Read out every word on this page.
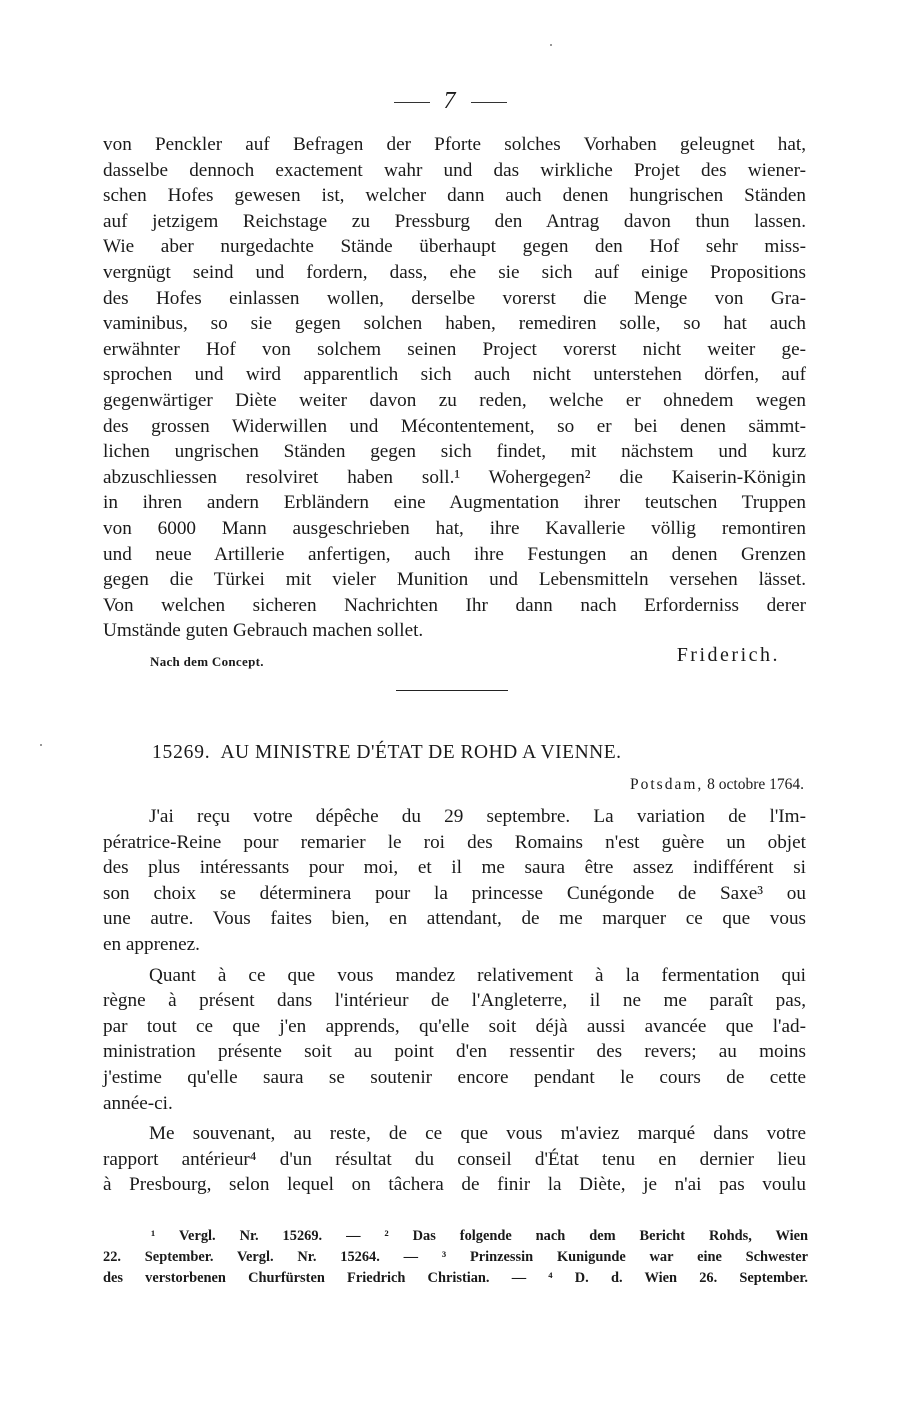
7
von Penckler auf Befragen der Pforte solches Vorhaben geleugnet hat,
dasselbe dennoch exactement wahr und das wirkliche Projet des wiener-
schen Hofes gewesen ist, welcher dann auch denen hungrischen Ständen
auf jetzigem Reichstage zu Pressburg den Antrag davon thun lassen.
Wie aber nurgedachte Stände überhaupt gegen den Hof sehr miss-
vergnügt seind und fordern, dass, ehe sie sich auf einige Propositions
des Hofes einlassen wollen, derselbe vorerst die Menge von Gra-
vaminibus, so sie gegen solchen haben, remediren solle, so hat auch
erwähnter Hof von solchem seinen Project vorerst nicht weiter ge-
sprochen und wird apparentlich sich auch nicht unterstehen dörfen, auf
gegenwärtiger Diète weiter davon zu reden, welche er ohnedem wegen
des grossen Widerwillen und Mécontentement, so er bei denen sämmt-
lichen ungrischen Ständen gegen sich findet, mit nächstem und kurz
abzuschliessen resolviret haben soll.¹ Wohergegen² die Kaiserin-Königin
in ihren andern Erbländern eine Augmentation ihrer teutschen Truppen
von 6000 Mann ausgeschrieben hat, ihre Kavallerie völlig remontiren
und neue Artillerie anfertigen, auch ihre Festungen an denen Grenzen
gegen die Türkei mit vieler Munition und Lebensmitteln versehen lässet.
Von welchen sicheren Nachrichten Ihr dann nach Erforderniss derer
Umstände guten Gebrauch machen sollet.
Nach dem Concept.	Friderich.
15269. AU MINISTRE D'ÉTAT DE ROHD A VIENNE.
Potsdam, 8 octobre 1764.
J'ai reçu votre dépêche du 29 septembre. La variation de l'Im-
pératrice-Reine pour remarier le roi des Romains n'est guère un objet
des plus intéressants pour moi, et il me saura être assez indifférent si
son choix se déterminera pour la princesse Cunégonde de Saxe³ ou
une autre. Vous faites bien, en attendant, de me marquer ce que vous
en apprenez.
Quant à ce que vous mandez relativement à la fermentation qui
règne à présent dans l'intérieur de l'Angleterre, il ne me paraît pas,
par tout ce que j'en apprends, qu'elle soit déjà aussi avancée que l'ad-
ministration présente soit au point d'en ressentir des revers; au moins
j'estime qu'elle saura se soutenir encore pendant le cours de cette
année-ci.
Me souvenant, au reste, de ce que vous m'aviez marqué dans votre
rapport antérieur⁴ d'un résultat du conseil d'État tenu en dernier lieu
à Presbourg, selon lequel on tâchera de finir la Diète, je n'ai pas voulu
¹ Vergl. Nr. 15269. — ² Das folgende nach dem Bericht Rohds, Wien
22. September. Vergl. Nr. 15264. — ³ Prinzessin Kunigunde war eine Schwester
des verstorbenen Churfürsten Friedrich Christian. — ⁴ D. d. Wien 26. September.
